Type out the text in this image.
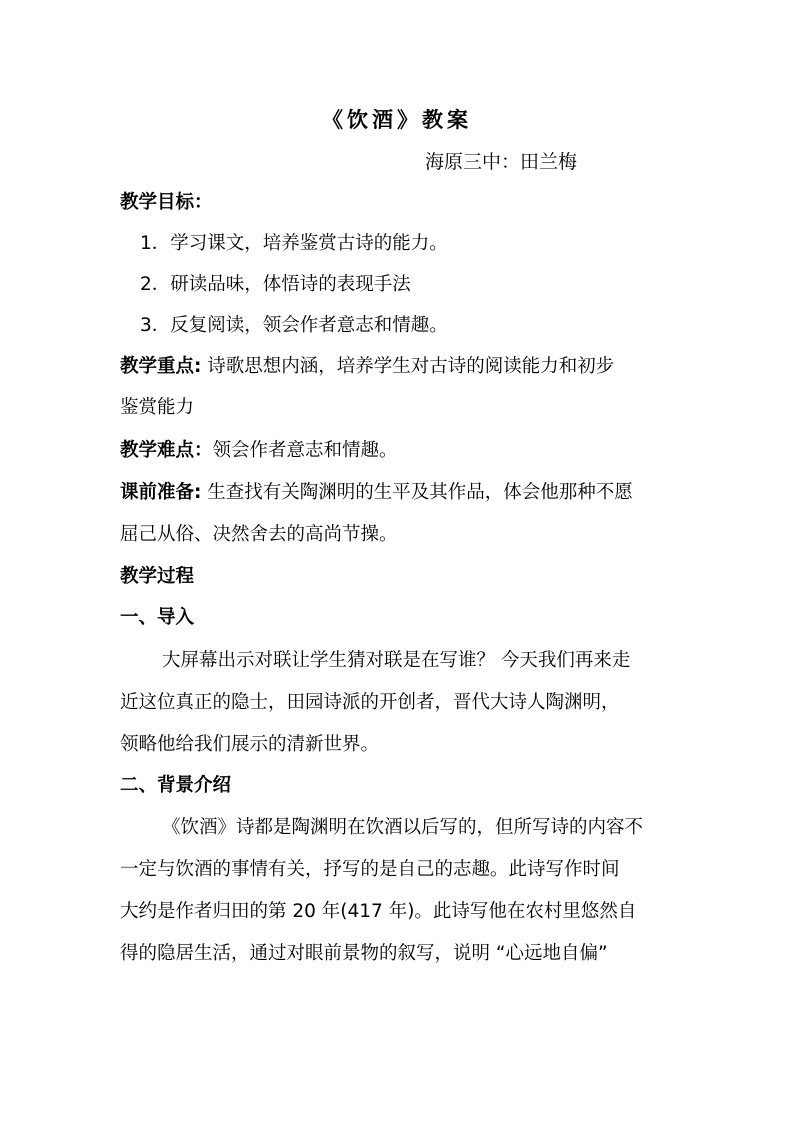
《饮酒》教案
海原三中：田兰梅
教学目标：
1．学习课文，培养鉴赏古诗的能力。
2．研读品味，体悟诗的表现手法
3．反复阅读，领会作者意志和情趣。
教学重点: 诗歌思想内涵，培养学生对古诗的阅读能力和初步
鉴赏能力
教学难点：领会作者意志和情趣。
课前准备: 生查找有关陶渊明的生平及其作品，体会他那种不愿
屈己从俗、决然舍去的高尚节操。
教学过程
一、导入
大屏幕出示对联让学生猜对联是在写谁？ 今天我们再来走
近这位真正的隐士，田园诗派的开创者，晋代大诗人陶渊明，
领略他给我们展示的清新世界。
二、背景介绍
《饮酒》诗都是陶渊明在饮酒以后写的，但所写诗的内容不
一定与饮酒的事情有关，抒写的是自己的志趣。此诗写作时间
大约是作者归田的第 20 年(417 年)。此诗写他在农村里悠然自
得的隐居生活，通过对眼前景物的叙写，说明 “心远地自偏”
